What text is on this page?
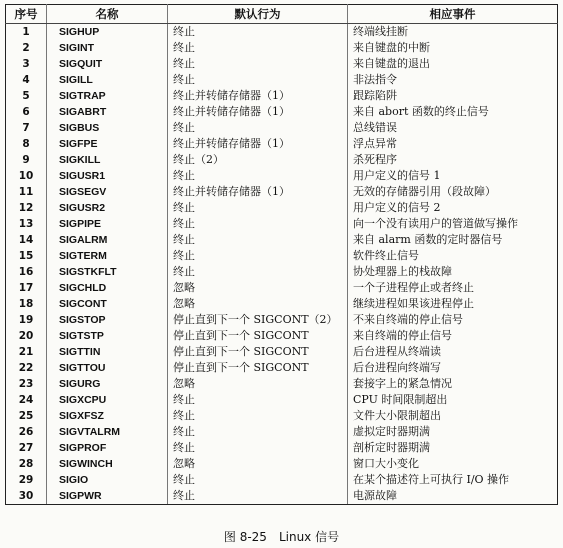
序号	名称	默认行为	相应事件
1	SIGHUP	终止	终端线挂断
2	SIGINT	终止	来自键盘的中断
3	SIGQUIT	终止	来自键盘的退出
4	SIGILL	终止	非法指令
5	SIGTRAP	终止并转储存储器（1）	跟踪陷阱
6	SIGABRT	终止并转储存储器（1）	来自 abort 函数的终止信号
7	SIGBUS	终止	总线错误
8	SIGFPE	终止并转储存储器（1）	浮点异常
9	SIGKILL	终止（2）	杀死程序
10	SIGUSR1	终止	用户定义的信号 1
11	SIGSEGV	终止并转储存储器（1）	无效的存储器引用（段故障）
12	SIGUSR2	终止	用户定义的信号 2
13	SIGPIPE	终止	向一个没有读用户的管道做写操作
14	SIGALRM	终止	来自 alarm 函数的定时器信号
15	SIGTERM	终止	软件终止信号
16	SIGSTKFLT	终止	协处理器上的栈故障
17	SIGCHLD	忽略	一个子进程停止或者终止
18	SIGCONT	忽略	继续进程如果该进程停止
19	SIGSTOP	停止直到下一个 SIGCONT（2）	不来自终端的停止信号
20	SIGTSTP	停止直到下一个 SIGCONT	来自终端的停止信号
21	SIGTTIN	停止直到下一个 SIGCONT	后台进程从终端读
22	SIGTTOU	停止直到下一个 SIGCONT	后台进程向终端写
23	SIGURG	忽略	套接字上的紧急情况
24	SIGXCPU	终止	CPU 时间限制超出
25	SIGXFSZ	终止	文件大小限制超出
26	SIGVTALRM	终止	虚拟定时器期满
27	SIGPROF	终止	剖析定时器期满
28	SIGWINCH	忽略	窗口大小变化
29	SIGIO	终止	在某个描述符上可执行 I/O 操作
30	SIGPWR	终止	电源故障
图 8-25 Linux 信号
